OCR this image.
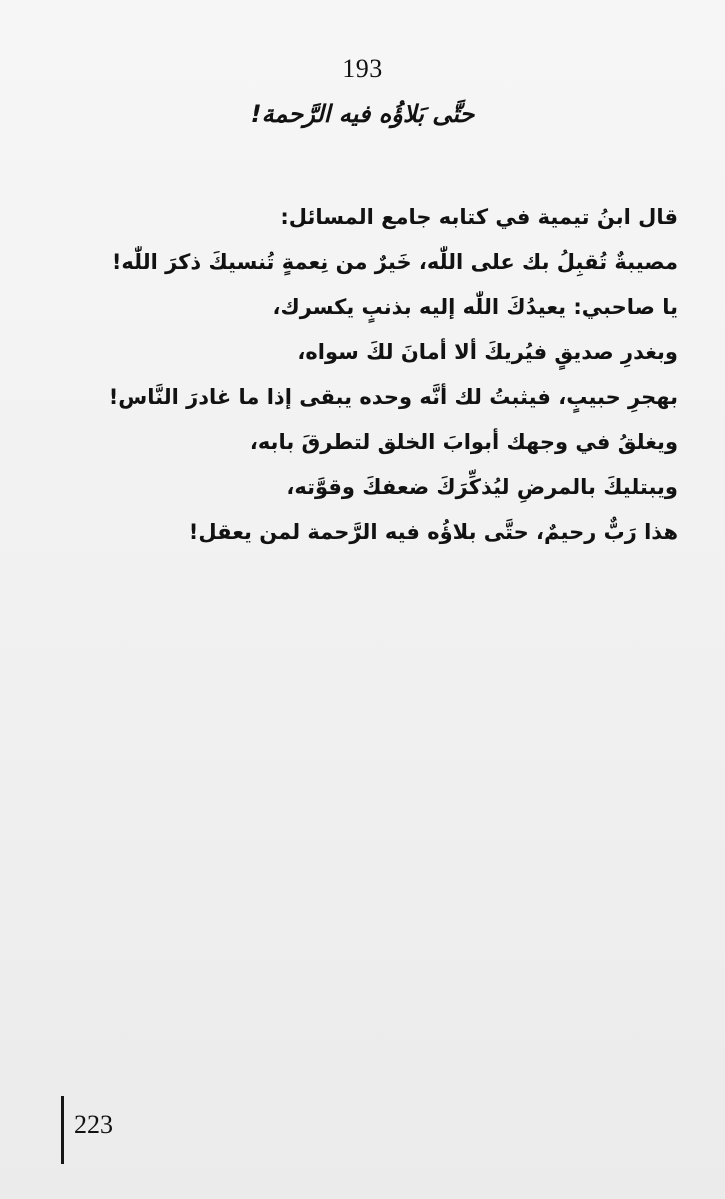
193
حتَّى بَلاؤُه فيه الرَّحمة!
قال ابنُ تيمية في كتابه جامع المسائل:
مصيبةٌ تُقبِلُ بك على اللّٰه، خَيرٌ من نِعمةٍ تُنسيكَ ذكرَ اللّٰه!
يا صاحبي: يعيدُكَ اللّٰه إليه بذنبٍ يكسرك،
وبغدرِ صديقٍ فيُريكَ ألا أمانَ لكَ سواه،
بهجرِ حبيبٍ، فيثبتُ لك أنَّه وحده يبقى إذا ما غادرَ النَّاس!
ويغلقُ في وجهك أبوابَ الخلق لتطرقَ بابه،
ويبتليكَ بالمرضِ ليُذكِّرَكَ ضعفكَ وقوَّته،
هذا رَبٌّ رحيمٌ، حتَّى بلاؤُه فيه الرَّحمة لمن يعقل!
223
